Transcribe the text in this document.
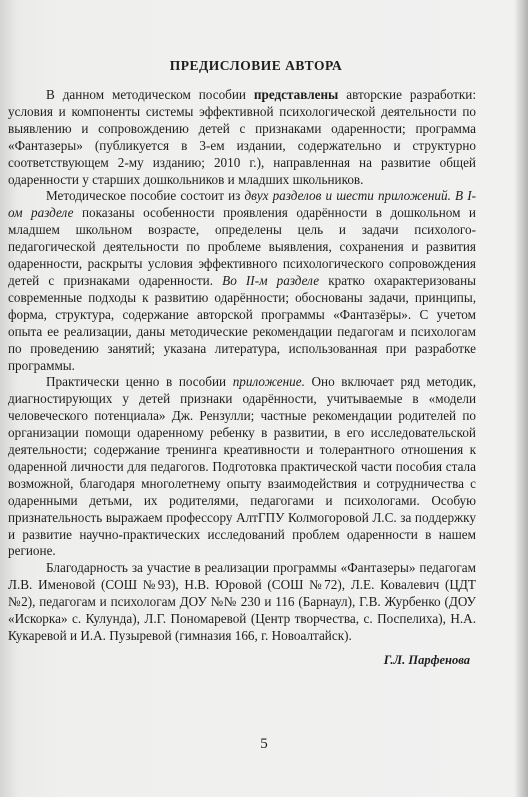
ПРЕДИСЛОВИЕ АВТОРА

В данном методическом пособии представлены авторские разработки: условия и компоненты системы эффективной психологической деятельности по выявлению и сопровождению детей с признаками одаренности; программа «Фантазеры» (публикуется в 3-ем издании, содержательно и структурно соответствующем 2-му изданию; 2010 г.), направленная на развитие общей одаренности у старших дошкольников и младших школьников.

Методическое пособие состоит из двух разделов и шести приложений. В I-ом разделе показаны особенности проявления одарённости в дошкольном и младшем школьном возрасте, определены цель и задачи психолого-педагогической деятельности по проблеме выявления, сохранения и развития одаренности, раскрыты условия эффективного психологического сопровождения детей с признаками одаренности. Во II-м разделе кратко охарактеризованы современные подходы к развитию одарённости; обоснованы задачи, принципы, форма, структура, содержание авторской программы «Фантазёры». С учетом опыта ее реализации, даны методические рекомендации педагогам и психологам по проведению занятий; указана литература, использованная при разработке программы.

Практически ценно в пособии приложение. Оно включает ряд методик, диагностирующих у детей признаки одарённости, учитываемые в «модели человеческого потенциала» Дж. Рензулли; частные рекомендации родителей по организации помощи одаренному ребенку в развитии, в его исследовательской деятельности; содержание тренинга креативности и толерантного отношения к одаренной личности для педагогов. Подготовка практической части пособия стала возможной, благодаря многолетнему опыту взаимодействия и сотрудничества с одаренными детьми, их родителями, педагогами и психологами. Особую признательность выражаем профессору АлтГПУ Колмогоровой Л.С. за поддержку и развитие научно-практических исследований проблем одаренности в нашем регионе.

Благодарность за участие в реализации программы «Фантазеры» педагогам Л.В. Именовой (СОШ №93), Н.В. Юровой (СОШ №72), Л.Е. Ковалевич (ЦДТ №2), педагогам и психологам ДОУ №№ 230 и 116 (Барнаул), Г.В. Журбенко (ДОУ «Искорка» с. Кулунда), Л.Г. Пономаревой (Центр творчества, с. Поспелиха), Н.А. Кукаревой и И.А. Пузыревой (гимназия 166, г. Новоалтайск).

Г.Л. Парфенова
5
